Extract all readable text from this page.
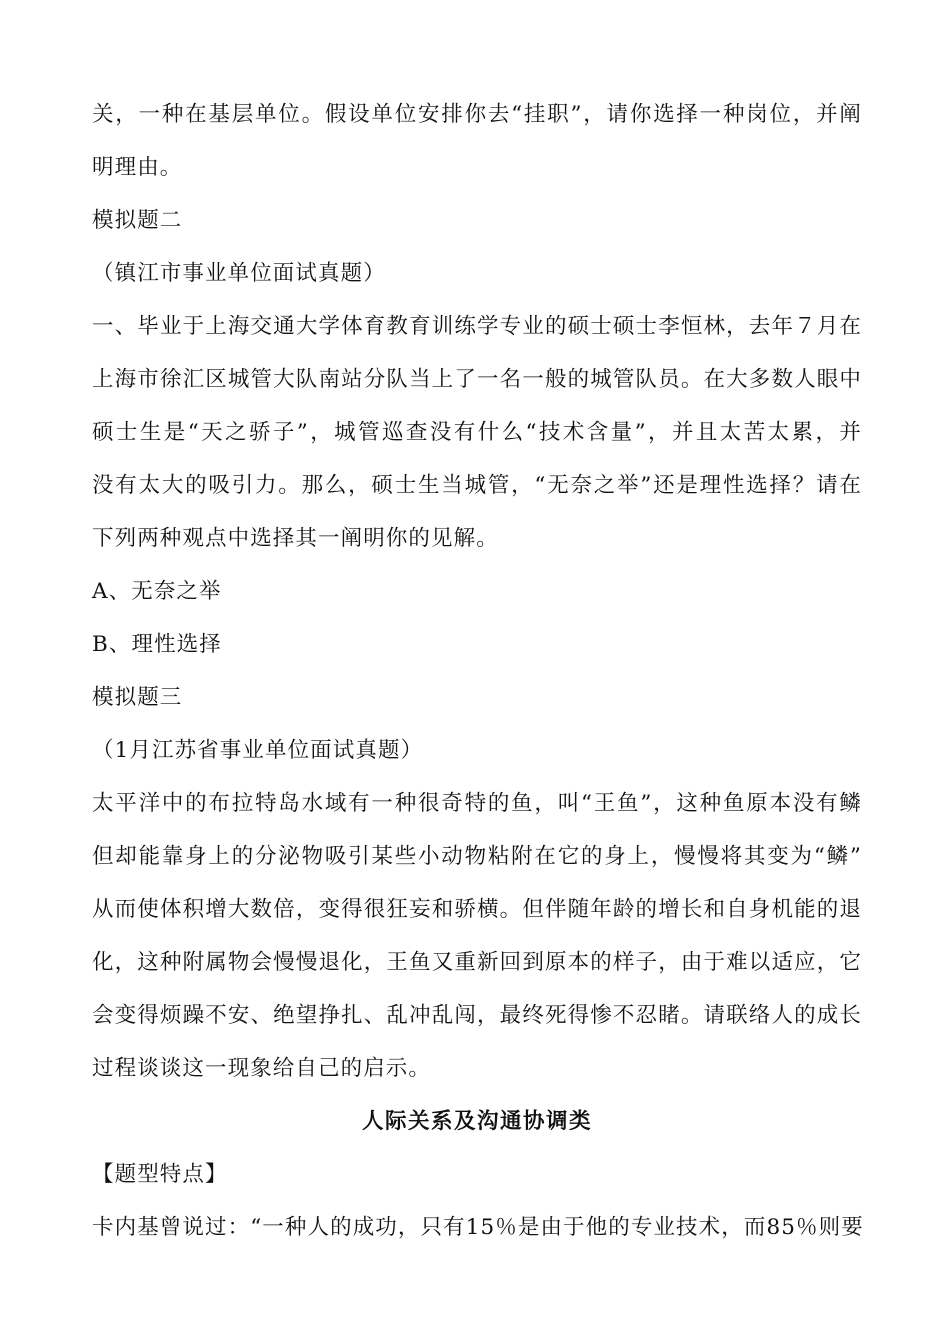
关，一种在基层单位。假设单位安排你去“挂职”，请你选择一种岗位，并阐
明理由。
模拟题二
（镇江市事业单位面试真题）
一、毕业于上海交通大学体育教育训练学专业的硕士硕士李恒林，去年７月在
上海市徐汇区城管大队南站分队当上了一名一般的城管队员。在大多数人眼中
硕士生是“天之骄子”，城管巡查没有什么“技术含量”，并且太苦太累，并
没有太大的吸引力。那么，硕士生当城管，“无奈之举”还是理性选择？请在
下列两种观点中选择其一阐明你的见解。
A、无奈之举
B、理性选择
模拟题三
（1月江苏省事业单位面试真题）
太平洋中的布拉特岛水域有一种很奇特的鱼，叫“王鱼”，这种鱼原本没有鳞
但却能靠身上的分泌物吸引某些小动物粘附在它的身上，慢慢将其变为“鳞”
从而使体积增大数倍，变得很狂妄和骄横。但伴随年龄的增长和自身机能的退
化，这种附属物会慢慢退化，王鱼又重新回到原本的样子，由于难以适应，它
会变得烦躁不安、绝望挣扎、乱冲乱闯，最终死得惨不忍睹。请联络人的成长
过程谈谈这一现象给自己的启示。
人际关系及沟通协调类
【题型特点】
卡内基曾说过：“一种人的成功，只有15％是由于他的专业技术，而85％则要
